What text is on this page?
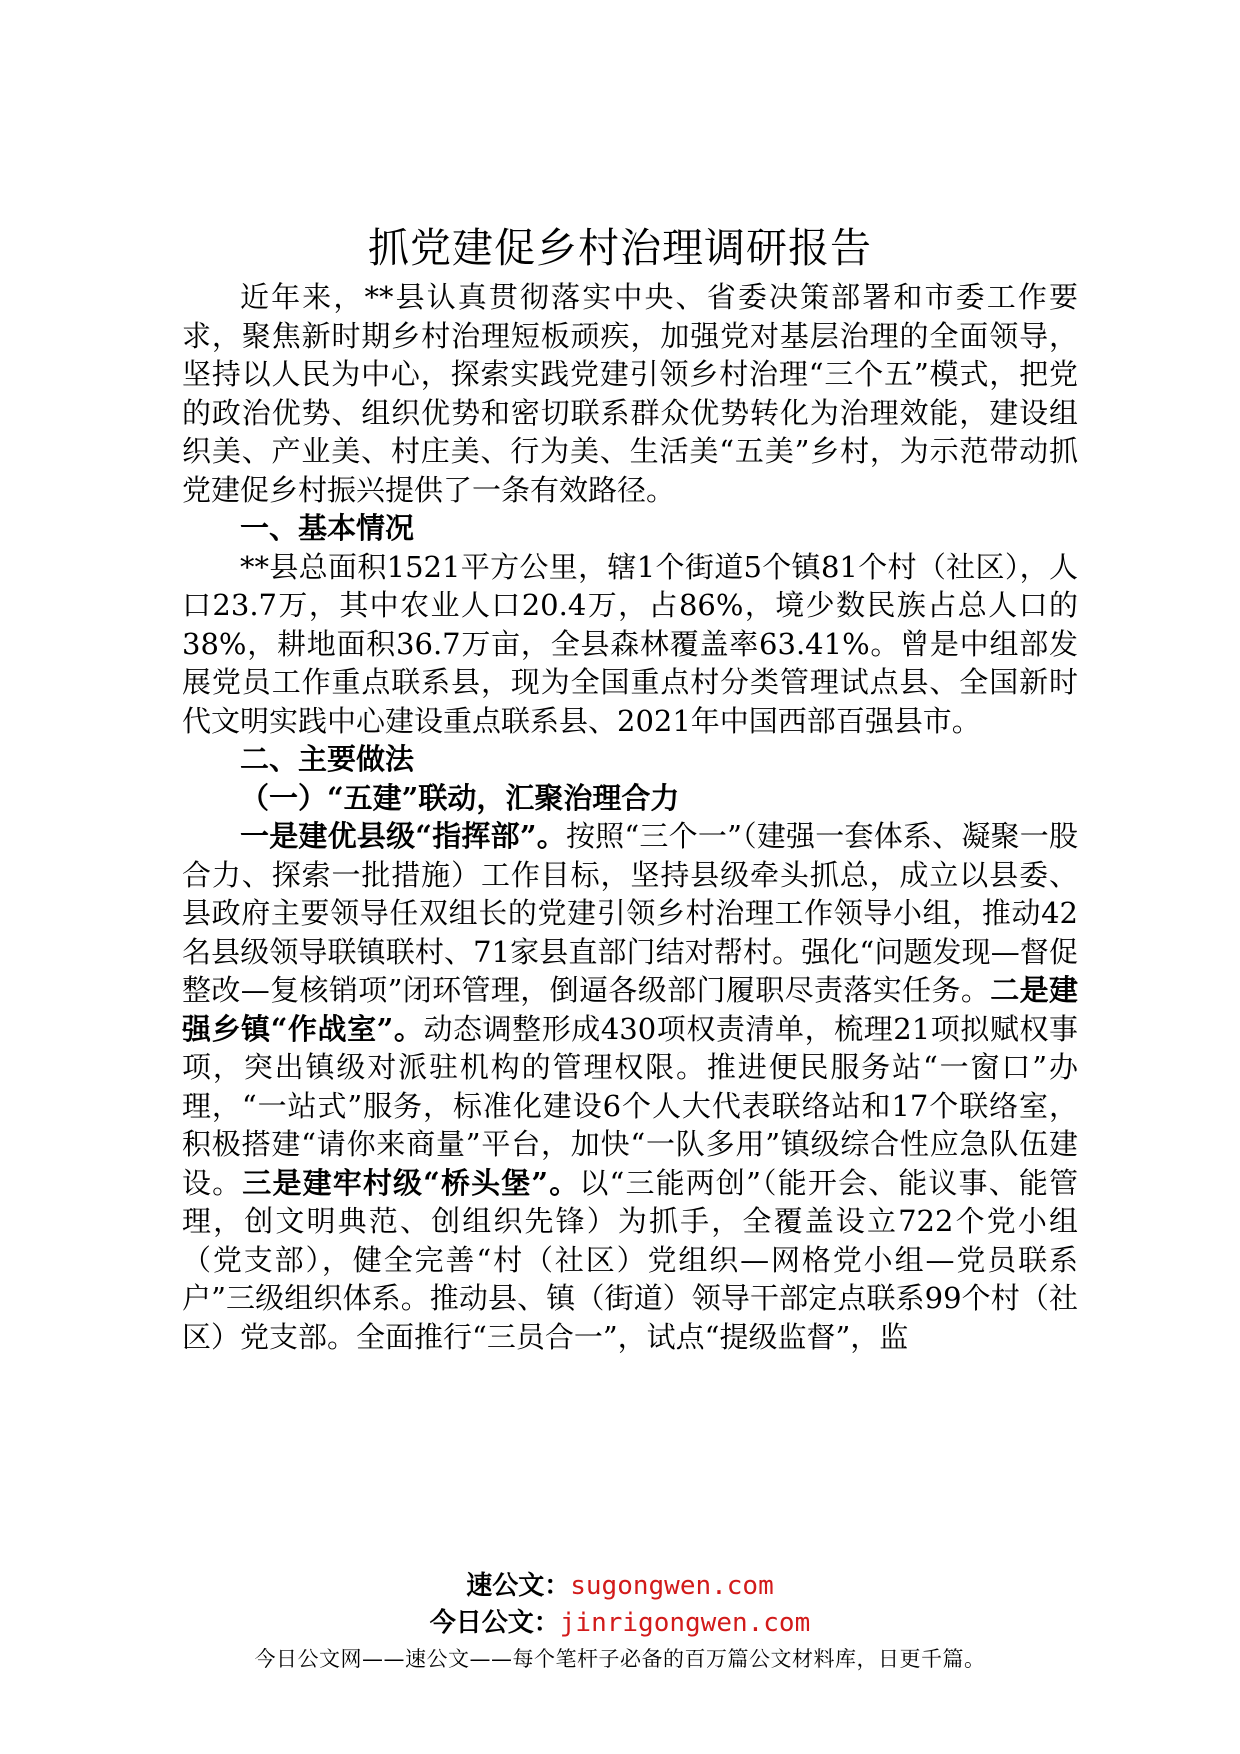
抓党建促乡村治理调研报告

近年来，**县认真贯彻落实中央、省委决策部署和市委工作要求，聚焦新时期乡村治理短板顽疾，加强党对基层治理的全面领导，坚持以人民为中心，探索实践党建引领乡村治理“三个五”模式，把党的政治优势、组织优势和密切联系群众优势转化为治理效能，建设组织美、产业美、村庄美、行为美、生活美“五美”乡村，为示范带动抓党建促乡村振兴提供了一条有效路径。

一、基本情况

**县总面积1521平方公里，辖1个街道5个镇81个村（社区），人口23.7万，其中农业人口20.4万，占86%，境少数民族占总人口的38%，耕地面积36.7万亩，全县森林覆盖率63.41%。曾是中组部发展党员工作重点联系县，现为全国重点村分类管理试点县、全国新时代文明实践中心建设重点联系县、2021年中国西部百强县市。

二、主要做法

（一）“五建”联动，汇聚治理合力

一是建优县级“指挥部”。按照“三个一”（建强一套体系、凝聚一股合力、探索一批措施）工作目标，坚持县级牵头抓总，成立以县委、县政府主要领导任双组长的党建引领乡村治理工作领导小组，推动42名县级领导联镇联村、71家县直部门结对帮村。强化“问题发现—督促整改—复核销项”闭环管理，倒逼各级部门履职尽责落实任务。二是建强乡镇“作战室”。动态调整形成430项权责清单，梳理21项拟赋权事项，突出镇级对派驻机构的管理权限。推进便民服务站“一窗口”办理，“一站式”服务，标准化建设6个人大代表联络站和17个联络室，积极搭建“请你来商量”平台，加快“一队多用”镇级综合性应急队伍建设。三是建牢村级“桥头堡”。以“三能两创”（能开会、能议事、能管理，创文明典范、创组织先锋）为抓手，全覆盖设立722个党小组（党支部），健全完善“村（社区）党组织—网格党小组—党员联系户”三级组织体系。推动县、镇（街道）领导干部定点联系99个村（社区）党支部。全面推行“三员合一”，试点“提级监督”，监

速公文：sugongwen.com
今日公文：jinrigongwen.com
今日公文网——速公文——每个笔杆子必备的百万篇公文材料库，日更千篇。
